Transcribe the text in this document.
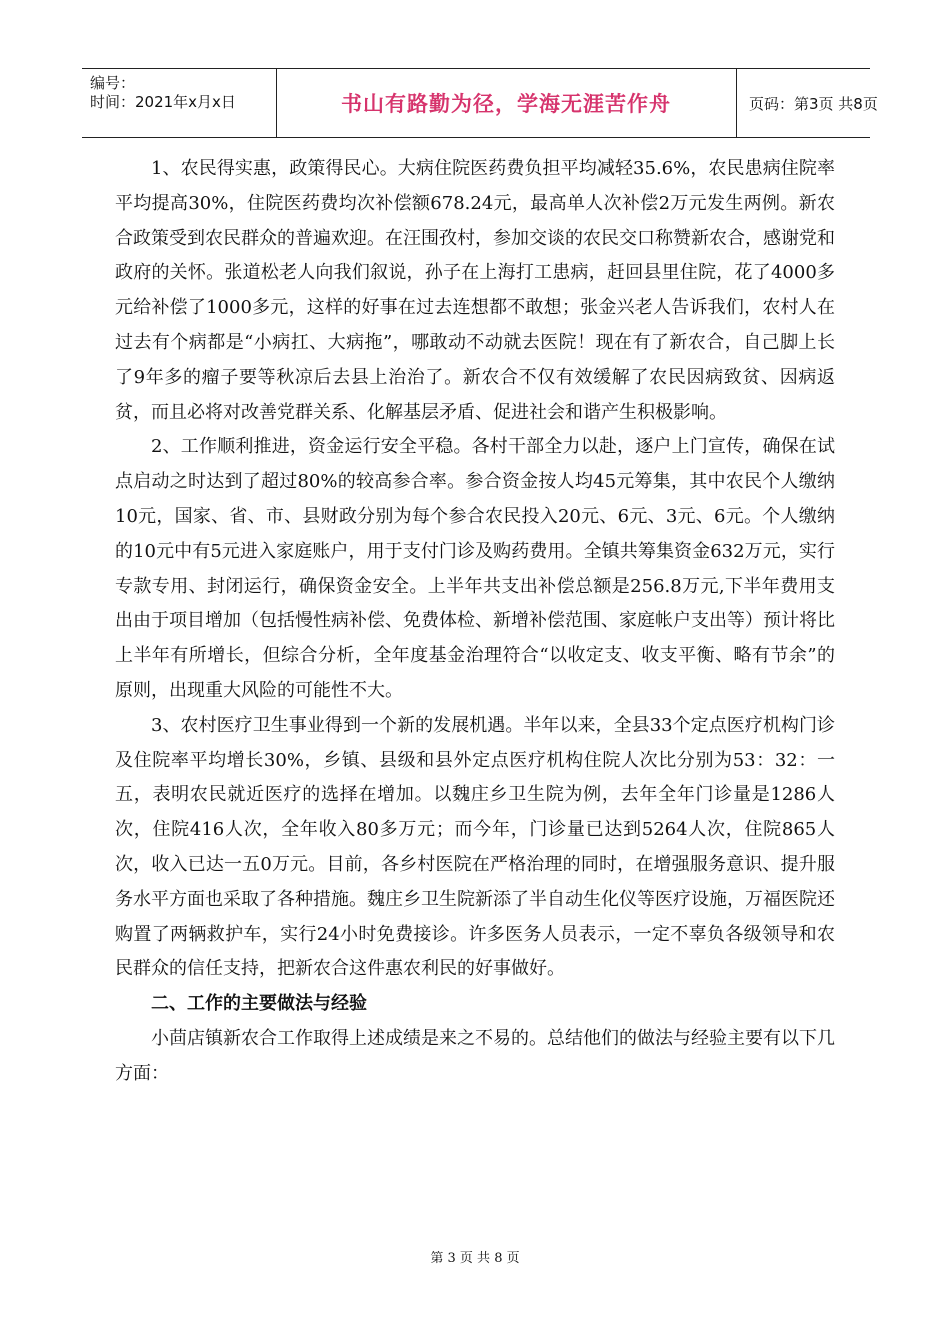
编号：
时间：2021年x月x日	书山有路勤为径，学海无涯苦作舟	页码：第3页 共8页

1、农民得实惠，政策得民心。大病住院医药费负担平均减轻35.6%，农民患病住院率平均提高30%，住院医药费均次补偿额678.24元，最高单人次补偿2万元发生两例。新农合政策受到农民群众的普遍欢迎。在汪围孜村，参加交谈的农民交口称赞新农合，感谢党和政府的关怀。张道松老人向我们叙说，孙子在上海打工患病，赶回县里住院，花了4000多元给补偿了1000多元，这样的好事在过去连想都不敢想；张金兴老人告诉我们，农村人在过去有个病都是“小病扛、大病拖”，哪敢动不动就去医院！现在有了新农合，自己脚上长了9年多的瘤子要等秋凉后去县上治治了。新农合不仅有效缓解了农民因病致贫、因病返贫，而且必将对改善党群关系、化解基层矛盾、促进社会和谐产生积极影响。

2、工作顺利推进，资金运行安全平稳。各村干部全力以赴，逐户上门宣传，确保在试点启动之时达到了超过80%的较高参合率。参合资金按人均45元筹集，其中农民个人缴纳10元，国家、省、市、县财政分别为每个参合农民投入20元、6元、3元、6元。个人缴纳的10元中有5元进入家庭账户，用于支付门诊及购药费用。全镇共筹集资金632万元，实行专款专用、封闭运行，确保资金安全。上半年共支出补偿总额是256.8万元,下半年费用支出由于项目增加（包括慢性病补偿、免费体检、新增补偿范围、家庭帐户支出等）预计将比上半年有所增长，但综合分析，全年度基金治理符合“以收定支、收支平衡、略有节余”的原则，出现重大风险的可能性不大。

3、农村医疗卫生事业得到一个新的发展机遇。半年以来，全县33个定点医疗机构门诊及住院率平均增长30%，乡镇、县级和县外定点医疗机构住院人次比分别为53：32：一五，表明农民就近医疗的选择在增加。以魏庄乡卫生院为例，去年全年门诊量是1286人次，住院416人次，全年收入80多万元；而今年，门诊量已达到5264人次，住院865人次，收入已达一五0万元。目前，各乡村医院在严格治理的同时，在增强服务意识、提升服务水平方面也采取了各种措施。魏庄乡卫生院新添了半自动生化仪等医疗设施，万福医院还购置了两辆救护车，实行24小时免费接诊。许多医务人员表示，一定不辜负各级领导和农民群众的信任支持，把新农合这件惠农利民的好事做好。

二、工作的主要做法与经验

小茴店镇新农合工作取得上述成绩是来之不易的。总结他们的做法与经验主要有以下几方面：

第 3 页 共 8 页
